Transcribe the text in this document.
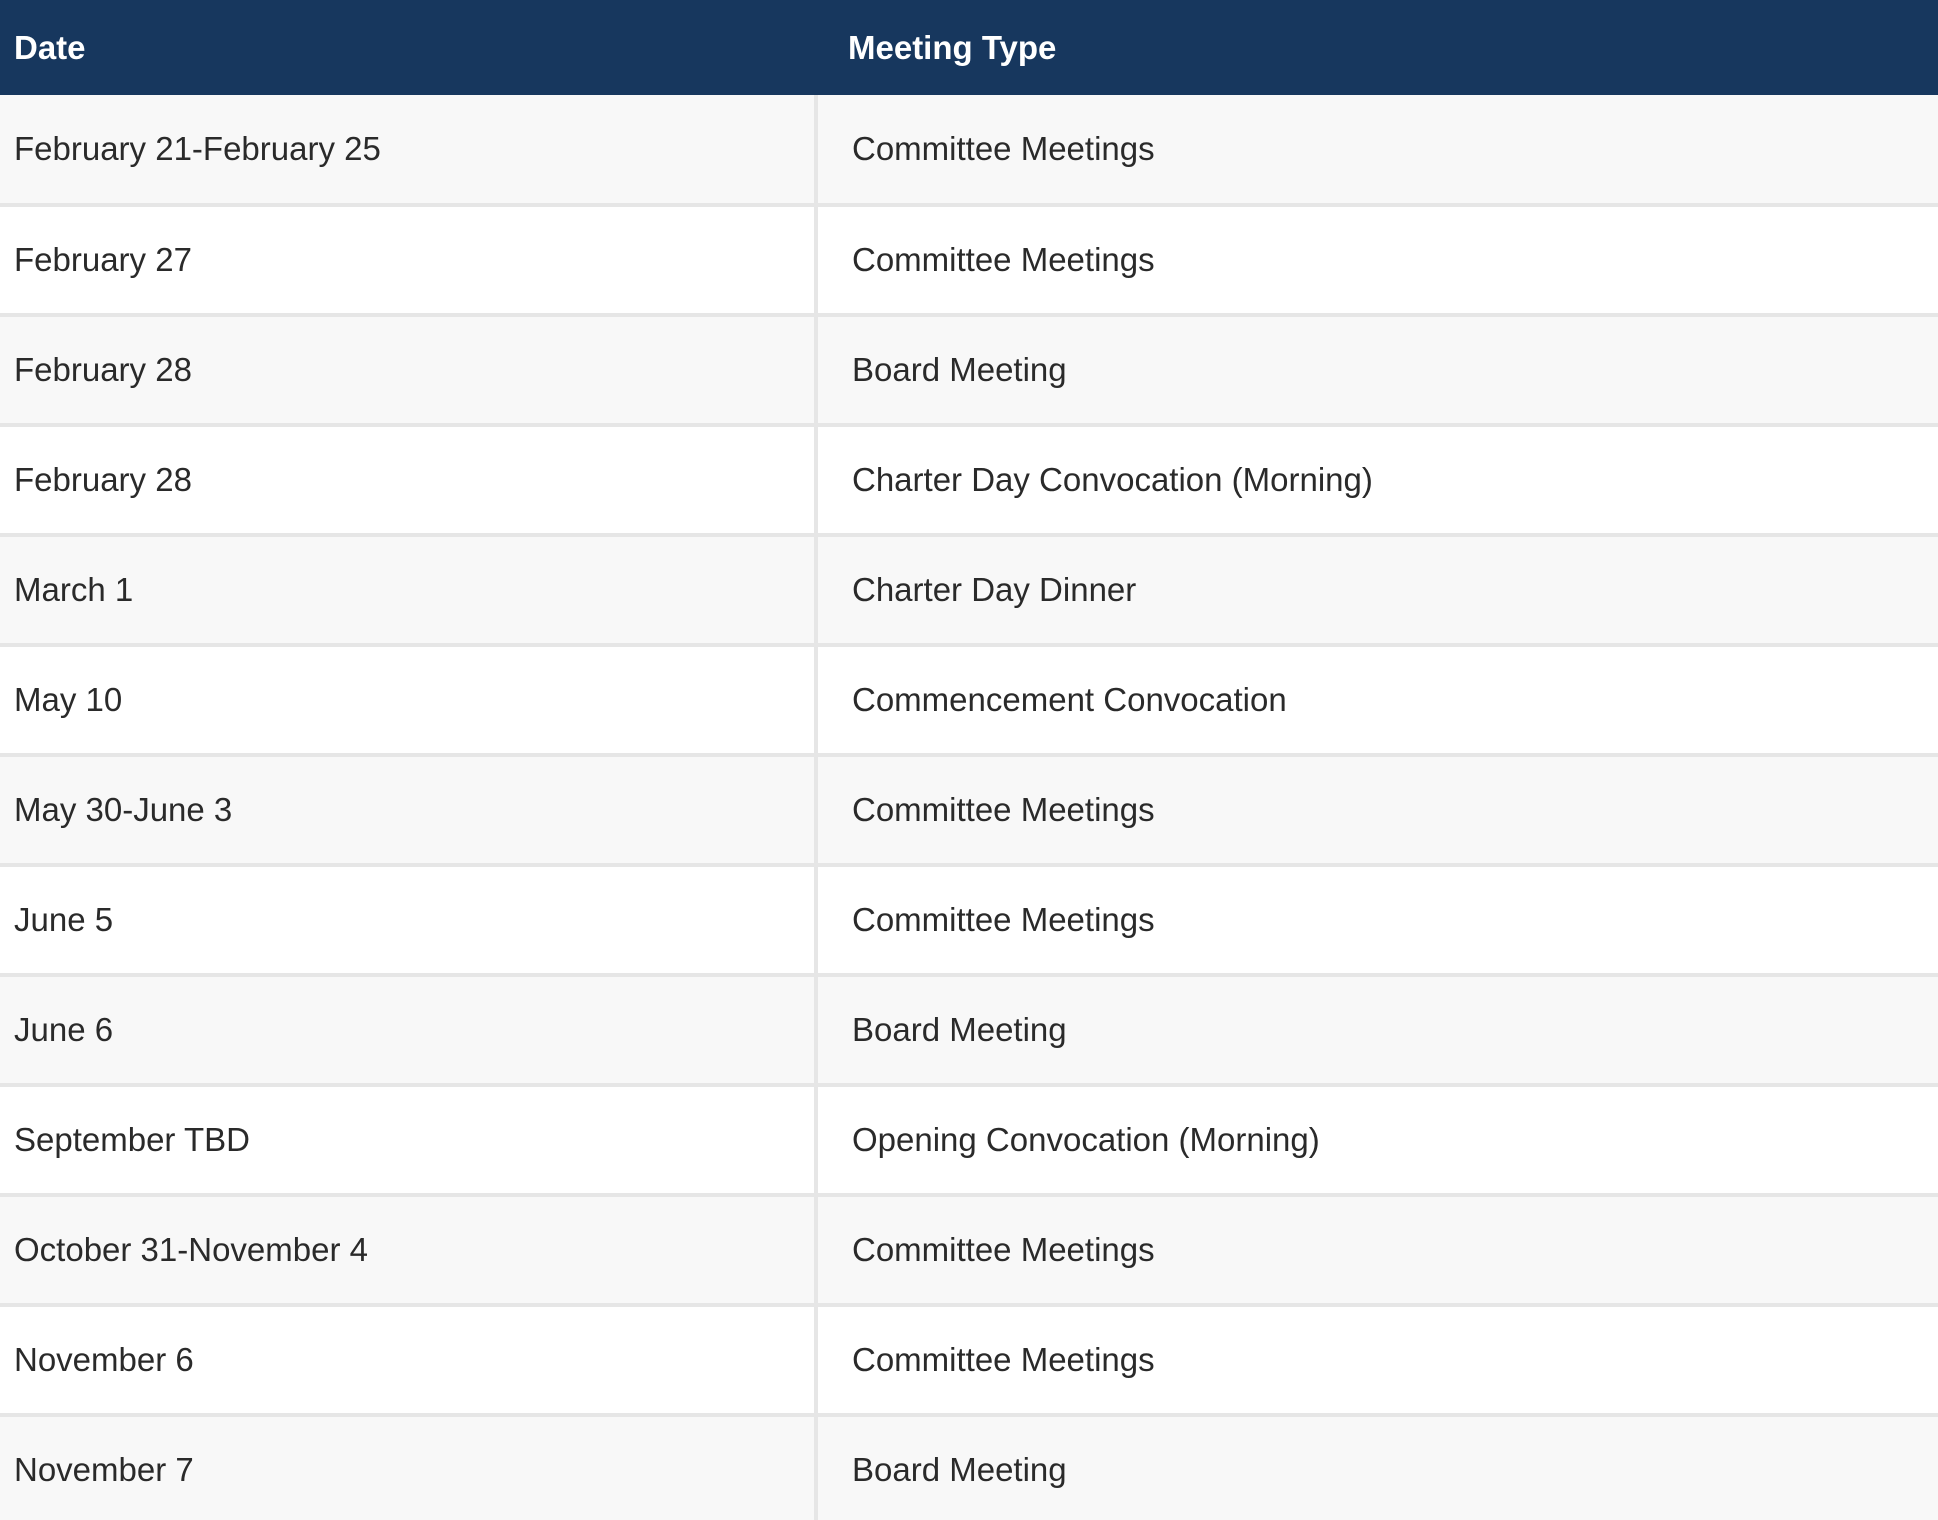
Date	Meeting Type
February 21-February 25	Committee Meetings
February 27	Committee Meetings
February 28	Board Meeting
February 28	Charter Day Convocation (Morning)
March 1	Charter Day Dinner
May 10	Commencement Convocation
May 30-June 3	Committee Meetings
June 5	Committee Meetings
June 6	Board Meeting
September TBD	Opening Convocation (Morning)
October 31-November 4	Committee Meetings
November 6	Committee Meetings
November 7	Board Meeting
